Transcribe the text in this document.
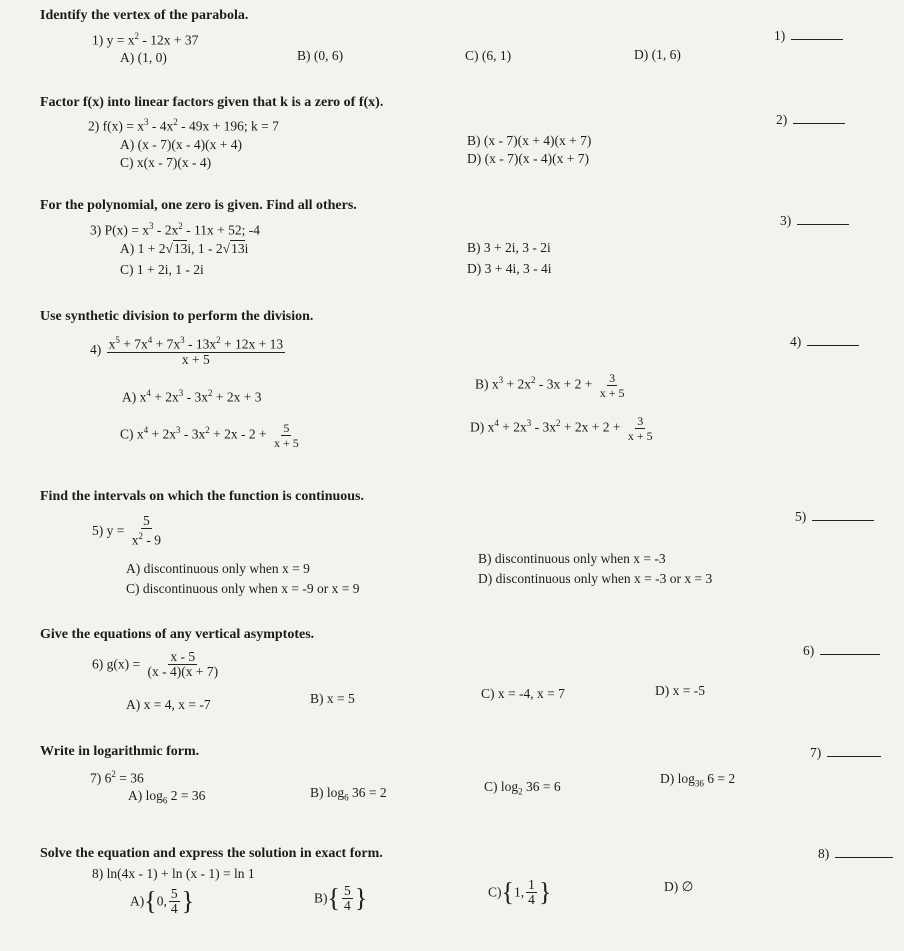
Identify the vertex of the parabola.
1) $y = x^2 - 12x + 37$
A) (1, 0)	B) (0, 6)	C) (6, 1)	D) (1, 6)
1)
Factor f(x) into linear factors given that k is a zero of f(x).
2) $f(x) = x^3 - 4x^2 - 49x + 196$; k = 7
A) (x - 7)(x - 4)(x + 4)	B) (x - 7)(x + 4)(x + 7)
C) x(x - 7)(x - 4)	D) (x - 7)(x - 4)(x + 7)
2)
For the polynomial, one zero is given. Find all others.
3) $P(x) = x^3 - 2x^2 - 11x + 52$; -4
A) 1 + 2√13i, 1 - 2√13i	B) 3 + 2i, 3 - 2i
C) 1 + 2i, 1 - 2i	D) 3 + 4i, 3 - 4i
3)
Use synthetic division to perform the division.
$4) \frac{x^5 + 7x^4 + 7x^3 - 13x^2 + 12x + 13}{x + 5}$
A) $x^4 + 2x^3 - 3x^2 + 2x + 3$
B) $x^3 + 2x^2 - 3x + 2 + \frac{3}{x + 5}$
C) $x^4 + 2x^3 - 3x^2 + 2x - 2 + \frac{5}{x + 5}$	D) $x^4 + 2x^3 - 3x^2 + 2x + 2 + \frac{3}{x + 5}$
4)
Find the intervals on which the function is continuous.
5) $y = \frac{5}{x^2 - 9}$
A) discontinuous only when x = 9
B) discontinuous only when x = -3
C) discontinuous only when x = -9 or x = 9
D) discontinuous only when x = -3 or x = 3
5)
Give the equations of any vertical asymptotes.
6) $g(x) = \frac{x - 5}{(x - 4)(x + 7)}$
A) x = 4, x = -7	B) x = 5	C) x = -4, x = 7	D) x = -5
6)
Write in logarithmic form.
7) $6^2 = 36$
A) $\log_6 2 = 36$	B) $\log_6 36 = 2$	C) $\log_2 36 = 6$
D) $\log_{36} 6 = 2$
7)
Solve the equation and express the solution in exact form.
8) ln(4x - 1) + ln (x - 1) = ln 1
A){0, $\frac{5}{4}$ }	$B)\{ \frac{5}{4}$ }	C){1, $\frac{1}{4}$ }	D) ∅
8)
